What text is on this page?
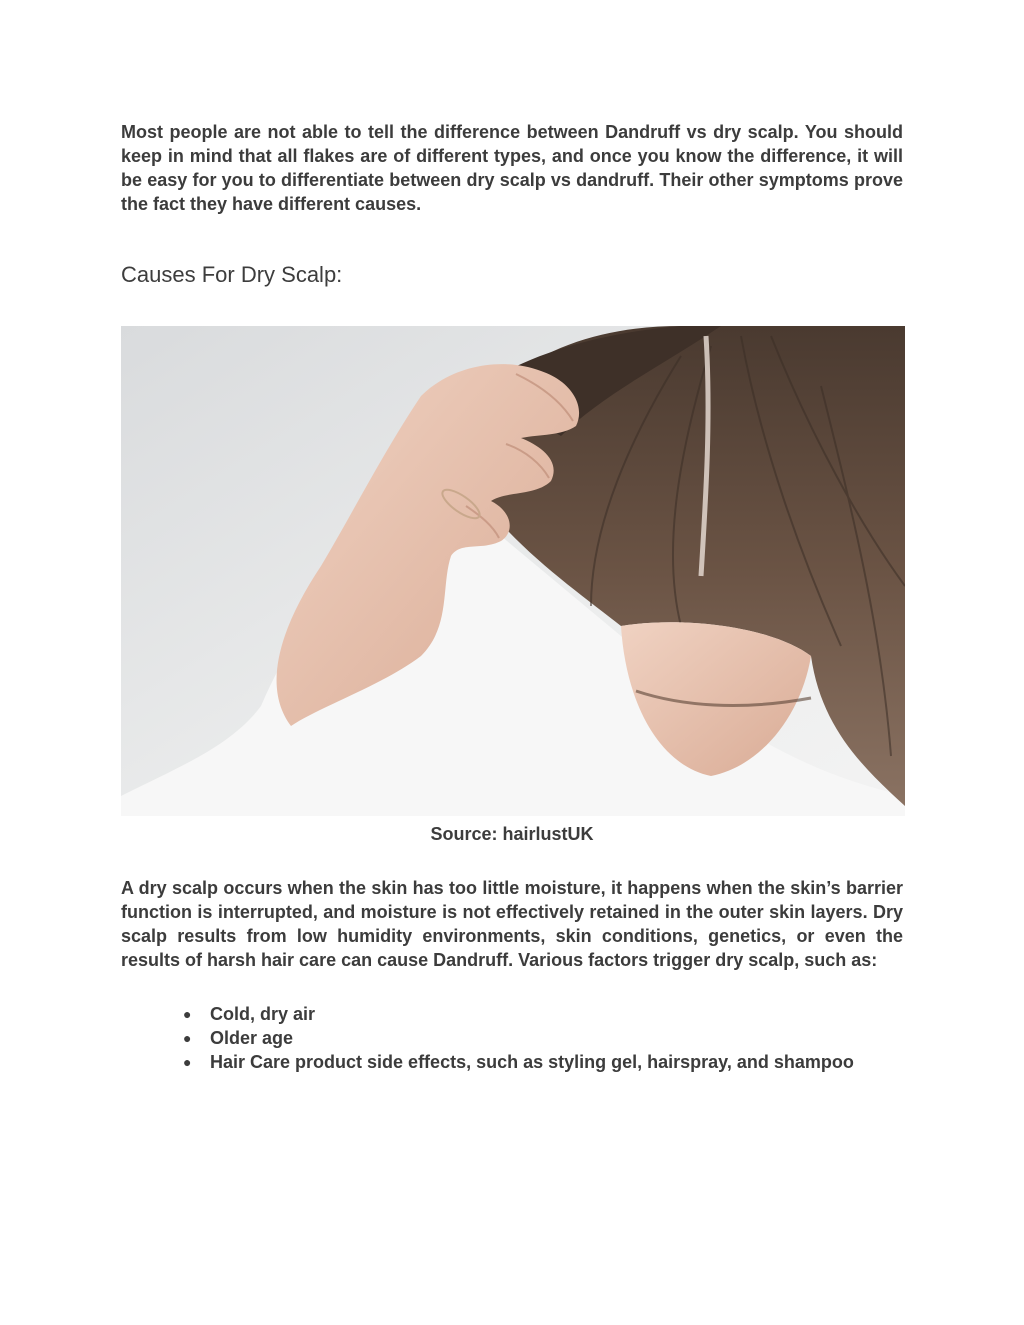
Most people are not able to tell the difference between Dandruff vs dry scalp. You should keep in mind that all flakes are of different types, and once you know the difference, it will be easy for you to differentiate between dry scalp vs dandruff. Their other symptoms prove the fact they have different causes.

Causes For Dry Scalp:

Source: hairlustUK

A dry scalp occurs when the skin has too little moisture, it happens when the skin’s barrier function is interrupted, and moisture is not effectively retained in the outer skin layers. Dry scalp results from low humidity environments, skin conditions, genetics, or even the results of harsh hair care can cause Dandruff. Various factors trigger dry scalp, such as:

● Cold, dry air
● Older age
● Hair Care product side effects, such as styling gel, hairspray, and shampoo
